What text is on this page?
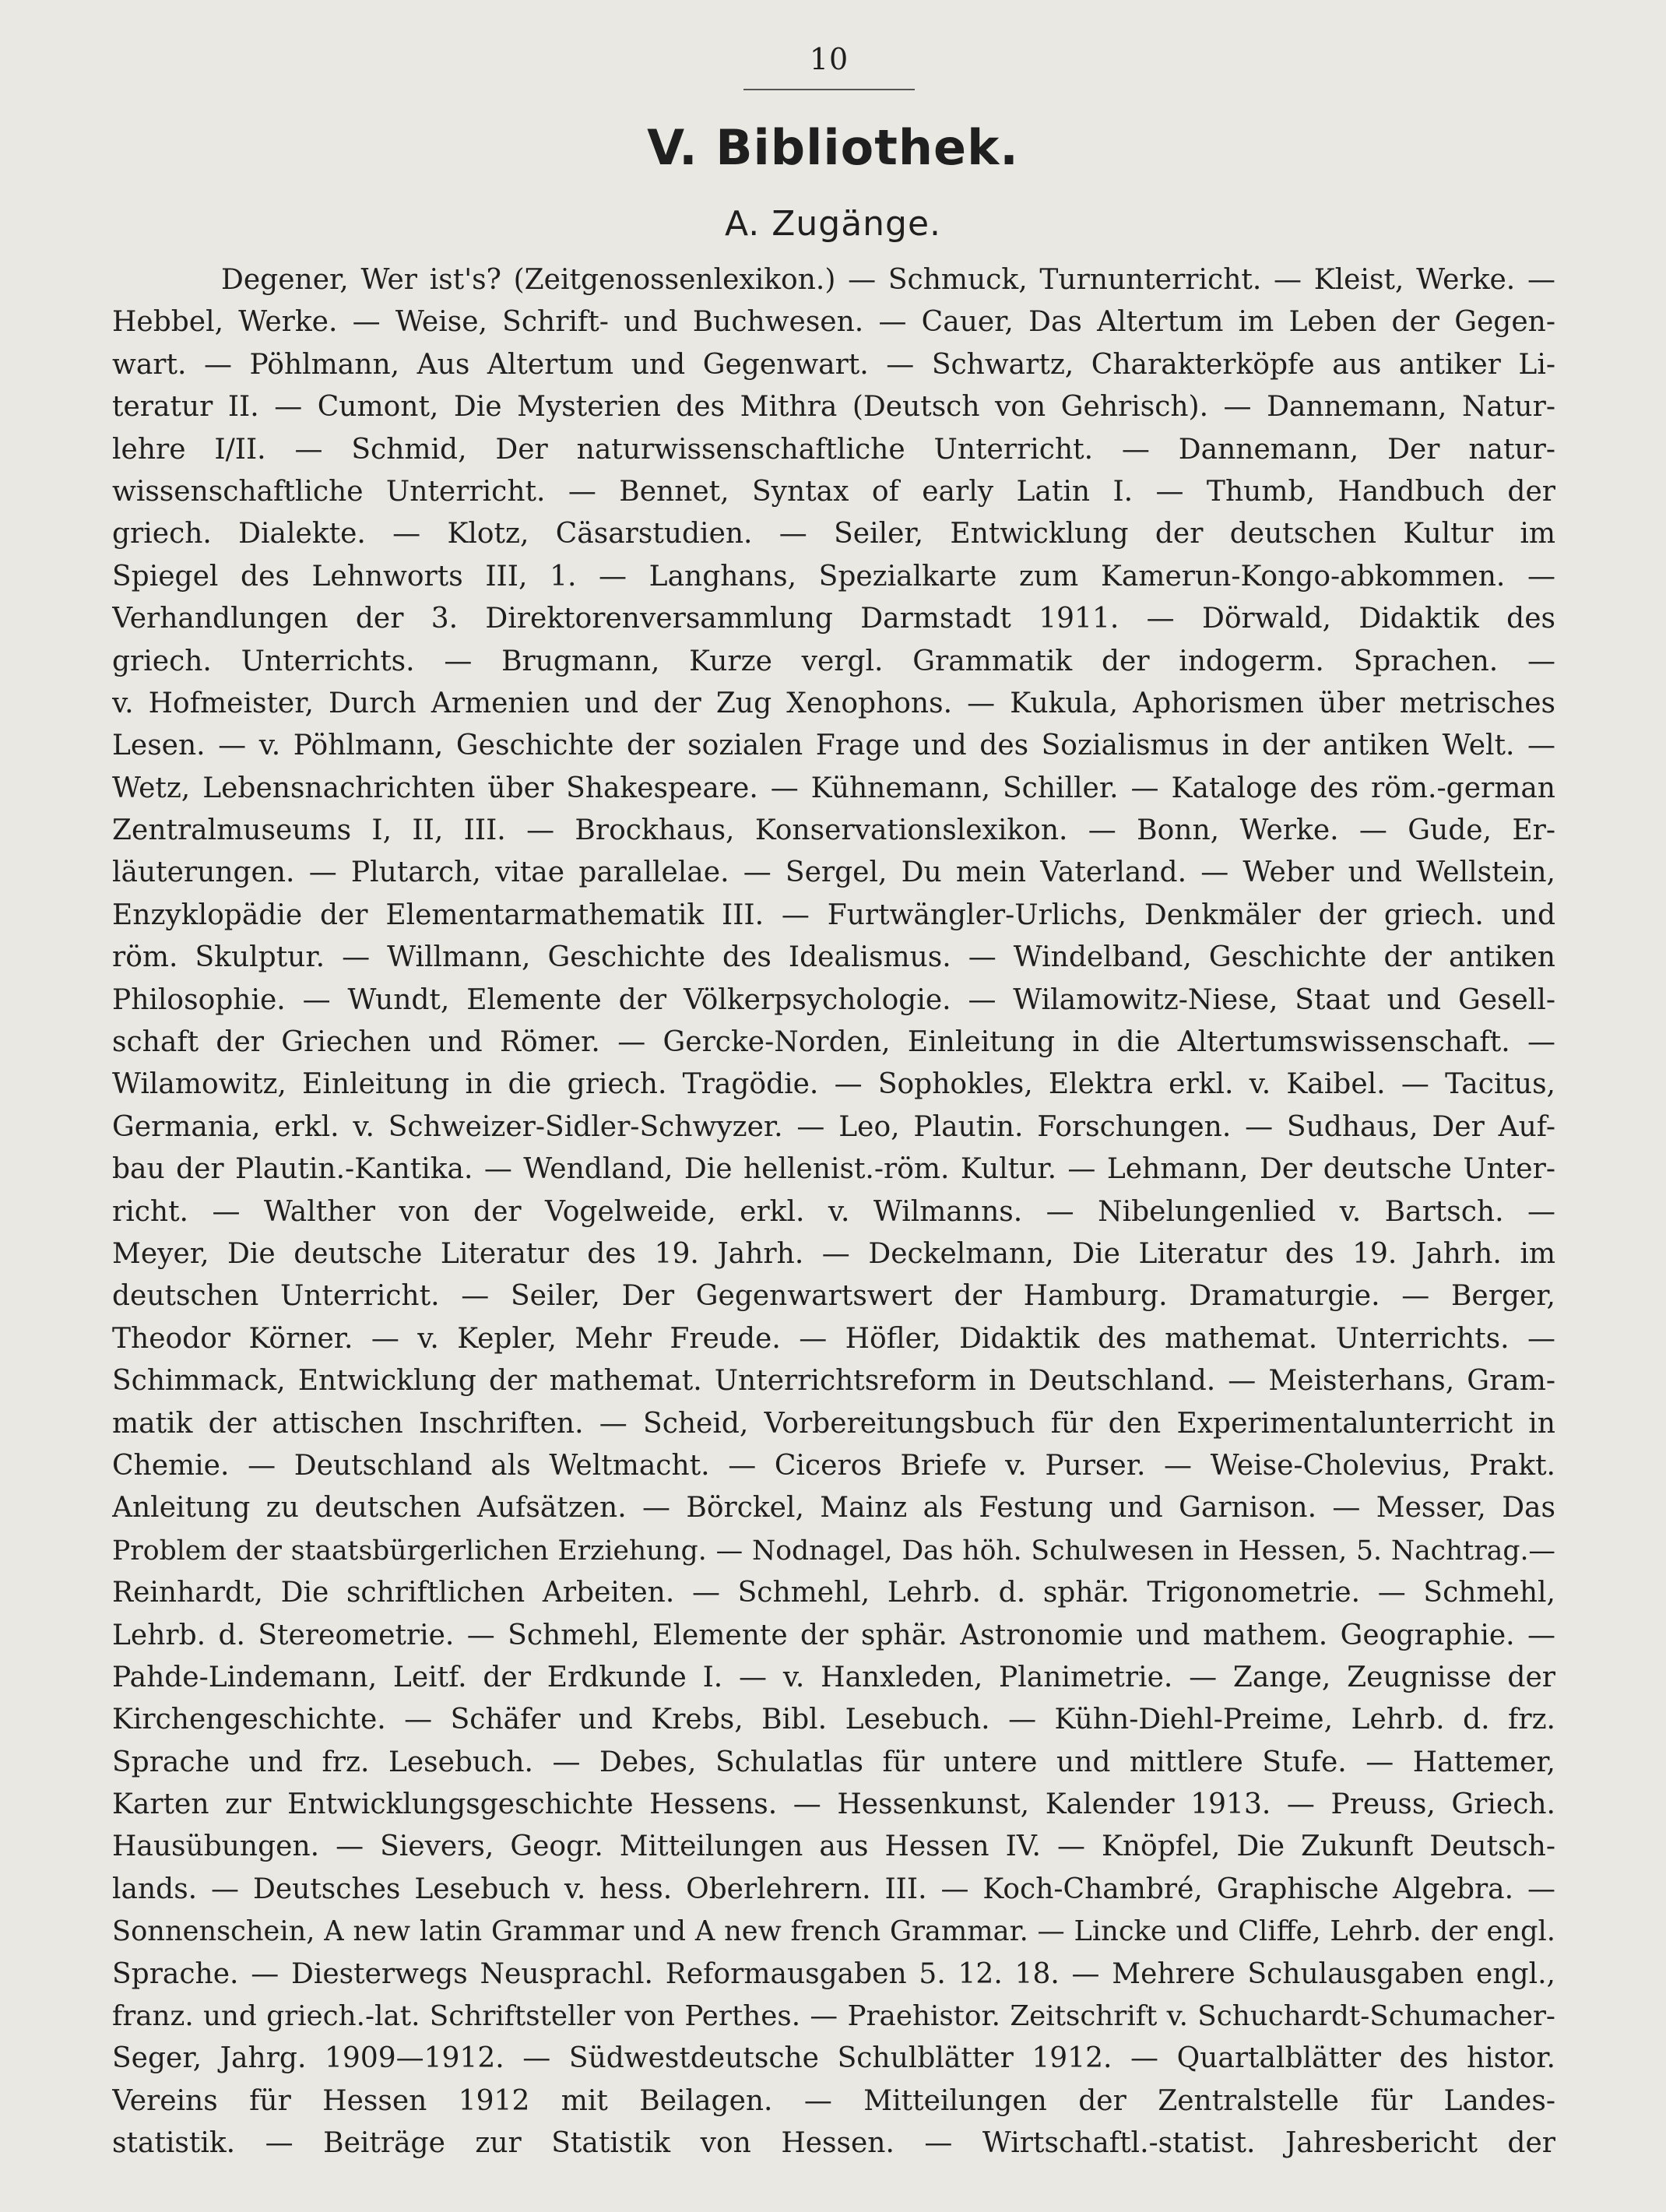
10
V. Bibliothek.
A. Zugänge.
Degener, Wer ist's? (Zeitgenossenlexikon.) — Schmuck, Turnunterricht. — Kleist, Werke. —
Hebbel, Werke. — Weise, Schrift- und Buchwesen. — Cauer, Das Altertum im Leben der Gegen-
wart. — Pöhlmann, Aus Altertum und Gegenwart. — Schwartz, Charakterköpfe aus antiker Li-
teratur II. — Cumont, Die Mysterien des Mithra (Deutsch von Gehrisch). — Dannemann, Natur-
lehre I/II. — Schmid, Der naturwissenschaftliche Unterricht. — Dannemann, Der natur-
wissenschaftliche Unterricht. — Bennet, Syntax of early Latin I. — Thumb, Handbuch der
griech. Dialekte. — Klotz, Cäsarstudien. — Seiler, Entwicklung der deutschen Kultur im
Spiegel des Lehnworts III, 1. — Langhans, Spezialkarte zum Kamerun-Kongo-abkommen. —
Verhandlungen der 3. Direktorenversammlung Darmstadt 1911. — Dörwald, Didaktik des
griech. Unterrichts. — Brugmann, Kurze vergl. Grammatik der indogerm. Sprachen. —
v. Hofmeister, Durch Armenien und der Zug Xenophons. — Kukula, Aphorismen über metrisches
Lesen. — v. Pöhlmann, Geschichte der sozialen Frage und des Sozialismus in der antiken Welt. —
Wetz, Lebensnachrichten über Shakespeare. — Kühnemann, Schiller. — Kataloge des röm.-german
Zentralmuseums I, II, III. — Brockhaus, Konservationslexikon. — Bonn, Werke. — Gude, Er-
läuterungen. — Plutarch, vitae parallelae. — Sergel, Du mein Vaterland. — Weber und Wellstein,
Enzyklopädie der Elementarmathematik III. — Furtwängler-Urlichs, Denkmäler der griech. und
röm. Skulptur. — Willmann, Geschichte des Idealismus. — Windelband, Geschichte der antiken
Philosophie. — Wundt, Elemente der Völkerpsychologie. — Wilamowitz-Niese, Staat und Gesell-
schaft der Griechen und Römer. — Gercke-Norden, Einleitung in die Altertumswissenschaft. —
Wilamowitz, Einleitung in die griech. Tragödie. — Sophokles, Elektra erkl. v. Kaibel. — Tacitus,
Germania, erkl. v. Schweizer-Sidler-Schwyzer. — Leo, Plautin. Forschungen. — Sudhaus, Der Auf-
bau der Plautin.-Kantika. — Wendland, Die hellenist.-röm. Kultur. — Lehmann, Der deutsche Unter-
richt. — Walther von der Vogelweide, erkl. v. Wilmanns. — Nibelungenlied v. Bartsch. —
Meyer, Die deutsche Literatur des 19. Jahrh. — Deckelmann, Die Literatur des 19. Jahrh. im
deutschen Unterricht. — Seiler, Der Gegenwartswert der Hamburg. Dramaturgie. — Berger,
Theodor Körner. — v. Kepler, Mehr Freude. — Höfler, Didaktik des mathemat. Unterrichts. —
Schimmack, Entwicklung der mathemat. Unterrichtsreform in Deutschland. — Meisterhans, Gram-
matik der attischen Inschriften. — Scheid, Vorbereitungsbuch für den Experimentalunterricht in
Chemie. — Deutschland als Weltmacht. — Ciceros Briefe v. Purser. — Weise-Cholevius, Prakt.
Anleitung zu deutschen Aufsätzen. — Börckel, Mainz als Festung und Garnison. — Messer, Das
Problem der staatsbürgerlichen Erziehung. — Nodnagel, Das höh. Schulwesen in Hessen, 5. Nachtrag.—
Reinhardt, Die schriftlichen Arbeiten. — Schmehl, Lehrb. d. sphär. Trigonometrie. — Schmehl,
Lehrb. d. Stereometrie. — Schmehl, Elemente der sphär. Astronomie und mathem. Geographie. —
Pahde-Lindemann, Leitf. der Erdkunde I. — v. Hanxleden, Planimetrie. — Zange, Zeugnisse der
Kirchengeschichte. — Schäfer und Krebs, Bibl. Lesebuch. — Kühn-Diehl-Preime, Lehrb. d. frz.
Sprache und frz. Lesebuch. — Debes, Schulatlas für untere und mittlere Stufe. — Hattemer,
Karten zur Entwicklungsgeschichte Hessens. — Hessenkunst, Kalender 1913. — Preuss, Griech.
Hausübungen. — Sievers, Geogr. Mitteilungen aus Hessen IV. — Knöpfel, Die Zukunft Deutsch-
lands. — Deutsches Lesebuch v. hess. Oberlehrern. III. — Koch-Chambré, Graphische Algebra. —
Sonnenschein, A new latin Grammar und A new french Grammar. — Lincke und Cliffe, Lehrb. der engl.
Sprache. — Diesterwegs Neusprachl. Reformausgaben 5. 12. 18. — Mehrere Schulausgaben engl.,
franz. und griech.-lat. Schriftsteller von Perthes. — Praehistor. Zeitschrift v. Schuchardt-Schumacher-
Seger, Jahrg. 1909—1912. — Südwestdeutsche Schulblätter 1912. — Quartalblätter des histor.
Vereins für Hessen 1912 mit Beilagen. — Mitteilungen der Zentralstelle für Landes-
statistik. — Beiträge zur Statistik von Hessen. — Wirtschaftl.-statist. Jahresbericht der
